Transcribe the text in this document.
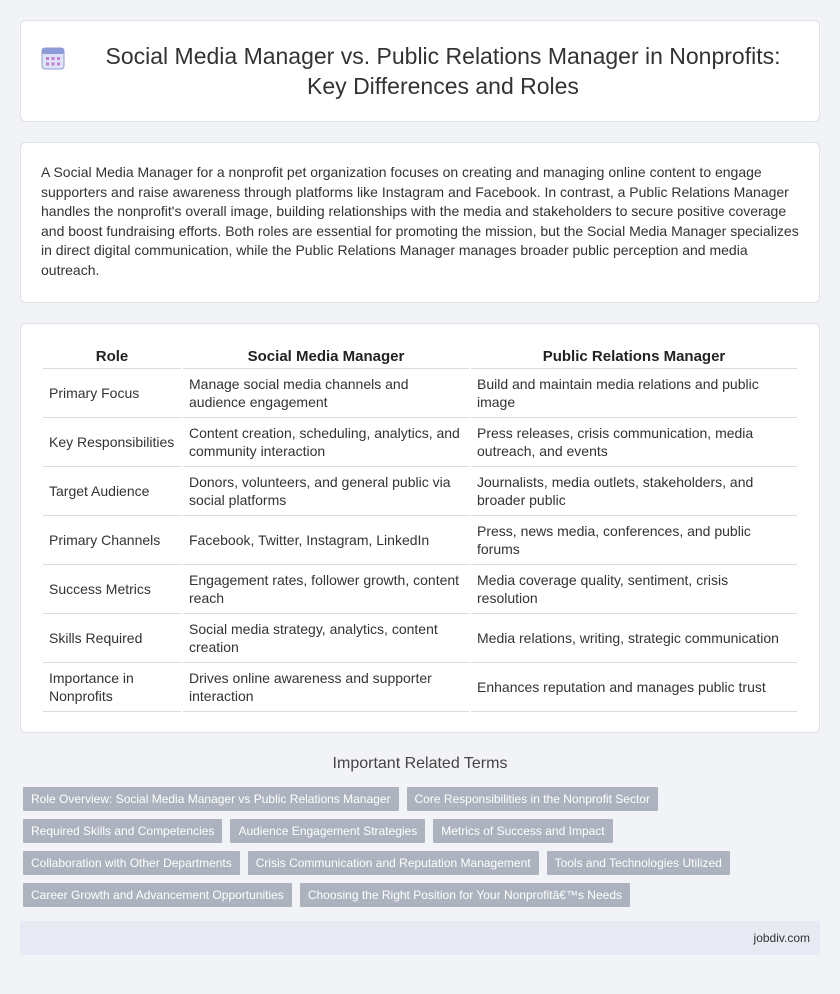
Social Media Manager vs. Public Relations Manager in Nonprofits: Key Differences and Roles

A Social Media Manager for a nonprofit pet organization focuses on creating and managing online content to engage supporters and raise awareness through platforms like Instagram and Facebook. In contrast, a Public Relations Manager handles the nonprofit's overall image, building relationships with the media and stakeholders to secure positive coverage and boost fundraising efforts. Both roles are essential for promoting the mission, but the Social Media Manager specializes in direct digital communication, while the Public Relations Manager manages broader public perception and media outreach.

Role	Social Media Manager	Public Relations Manager
Primary Focus	Manage social media channels and audience engagement	Build and maintain media relations and public image
Key Responsibilities	Content creation, scheduling, analytics, and community interaction	Press releases, crisis communication, media outreach, and events
Target Audience	Donors, volunteers, and general public via social platforms	Journalists, media outlets, stakeholders, and broader public
Primary Channels	Facebook, Twitter, Instagram, LinkedIn	Press, news media, conferences, and public forums
Success Metrics	Engagement rates, follower growth, content reach	Media coverage quality, sentiment, crisis resolution
Skills Required	Social media strategy, analytics, content creation	Media relations, writing, strategic communication
Importance in Nonprofits	Drives online awareness and supporter interaction	Enhances reputation and manages public trust
Important Related Terms
Role Overview: Social Media Manager vs Public Relations Manager	Core Responsibilities in the Nonprofit Sector
Required Skills and Competencies	Audience Engagement Strategies	Metrics of Success and Impact
Collaboration with Other Departments	Crisis Communication and Reputation Management	Tools and Technologies Utilized
Career Growth and Advancement Opportunities	Choosing the Right Position for Your Nonprofitâ€™s Needs
jobdiv.com
